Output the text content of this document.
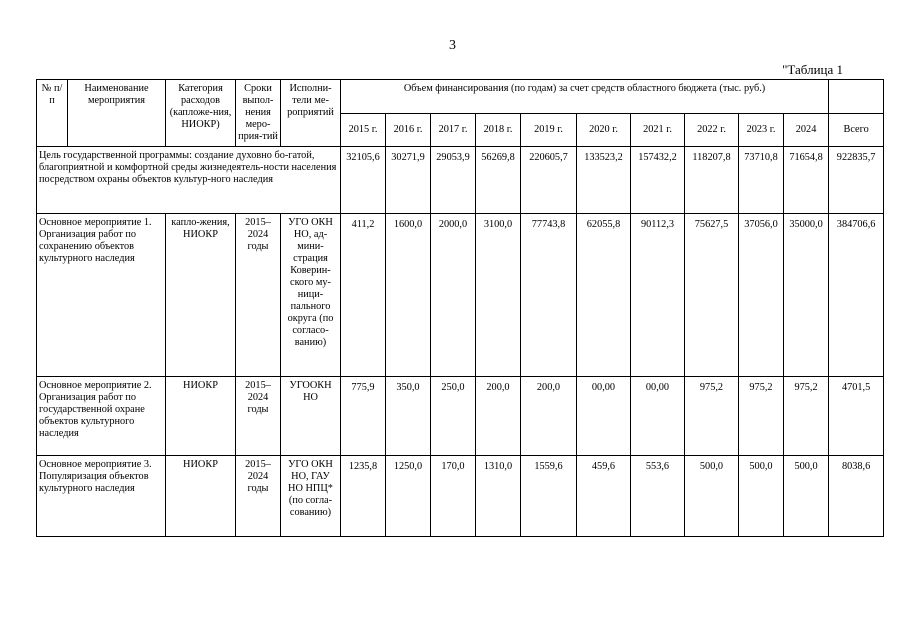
3
"Таблица 1
№ п/п	Наименование мероприятия	Категория расходов (капложе-ния, НИОКР)	Сроки выпол-нения меро-прия-тий	Исполни-тели ме-роприятий	Объем финансирования (по годам) за счет средств областного бюджета (тыс. руб.)										
					2015 г.	2016 г.	2017 г.	2018 г.	2019 г.	2020 г.	2021 г.	2022 г.	2023 г.	2024	Всего
Цель государственной программы: создание духовно бо-гатой, благоприятной и комфортной среды жизнедеятель-ности населения посредством охраны объектов культур-ного наследия					32105,6	30271,9	29053,9	56269,8	220605,7	133523,2	157432,2	118207,8	73710,8	71654,8	922835,7
Основное мероприятие 1. Организация работ по сохранению объектов культурного наследия		капло-жения, НИОКР	2015–2024 годы	УГО ОКН НО, ад-мини-страция Коверин-ского му-ници-пального округа (по согласо-ванию)	411,2	1600,0	2000,0	3100,0	77743,8	62055,8	90112,3	75627,5	37056,0	35000,0	384706,6
Основное мероприятие 2. Организация работ по государственной охране объектов культурного наследия		НИОКР	2015–2024 годы	УГООКН НО	775,9	350,0	250,0	200,0	200,0	00,00	00,00	975,2	975,2	975,2	4701,5
Основное мероприятие 3. Популяризация объектов культурного наследия		НИОКР	2015–2024 годы	УГО ОКН НО, ГАУ НО НПЦ* (по согла-сованию)	1235,8	1250,0	170,0	1310,0	1559,6	459,6	553,6	500,0	500,0	500,0	8038,6
